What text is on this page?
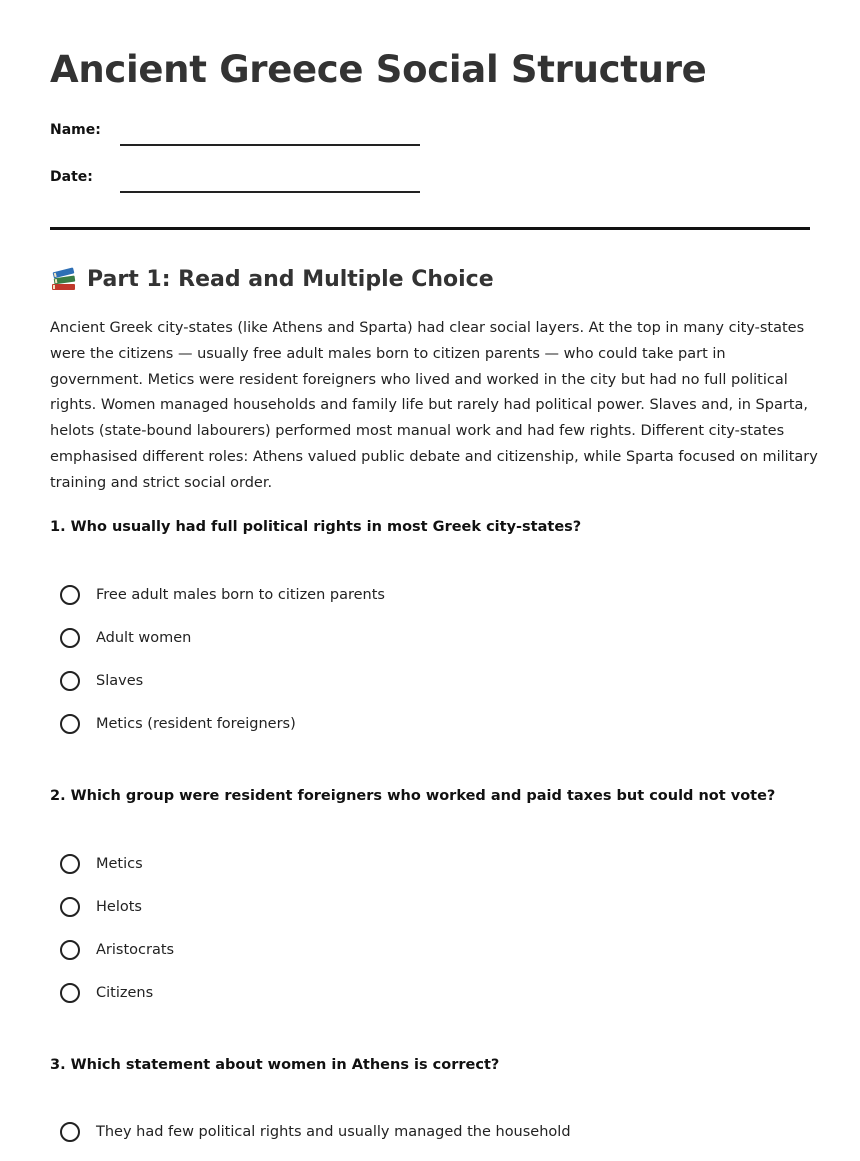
Ancient Greece Social Structure
Name:
Date:
Part 1: Read and Multiple Choice

Ancient Greek city-states (like Athens and Sparta) had clear social layers. At the top in many city-states were the citizens — usually free adult males born to citizen parents — who could take part in government. Metics were resident foreigners who lived and worked in the city but had no full political rights. Women managed households and family life but rarely had political power. Slaves and, in Sparta, helots (state-bound labourers) performed most manual work and had few rights. Different city-states emphasised different roles: Athens valued public debate and citizenship, while Sparta focused on military training and strict social order.

1. Who usually had full political rights in most Greek city-states?

Free adult males born to citizen parents
Adult women
Slaves
Metics (resident foreigners)

2. Which group were resident foreigners who worked and paid taxes but could not vote?

Metics
Helots
Aristocrats
Citizens

3. Which statement about women in Athens is correct?

They had few political rights and usually managed the household
